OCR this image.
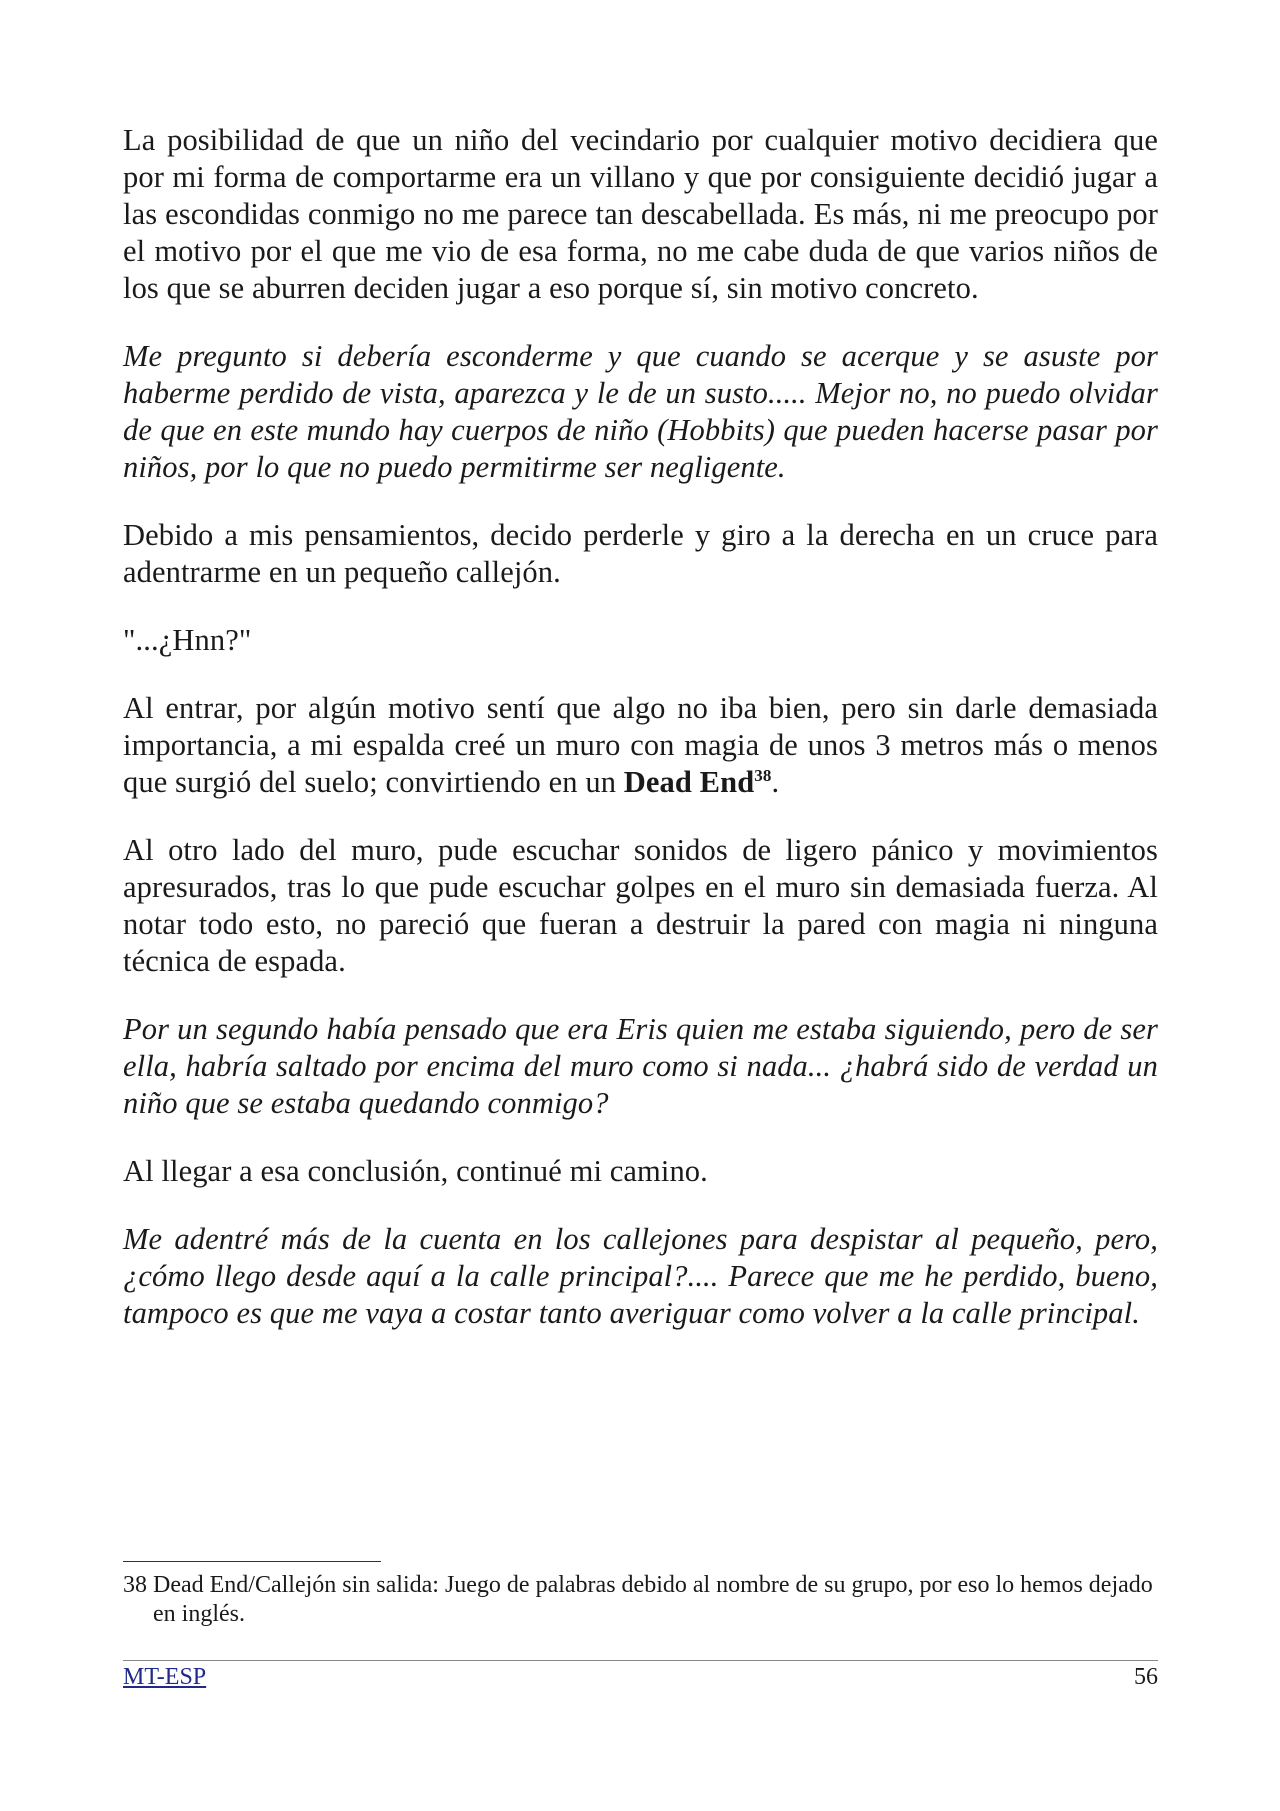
La posibilidad de que un niño del vecindario por cualquier motivo decidiera que por mi forma de comportarme era un villano y que por consiguiente decidió jugar a las escondidas conmigo no me parece tan descabellada. Es más, ni me preocupo por el motivo por el que me vio de esa forma, no me cabe duda de que varios niños de los que se aburren deciden jugar a eso porque sí, sin motivo concreto.

Me pregunto si debería esconderme y que cuando se acerque y se asuste por haberme perdido de vista, aparezca y le de un susto..... Mejor no, no puedo olvidar de que en este mundo hay cuerpos de niño (Hobbits) que pueden hacerse pasar por niños, por lo que no puedo permitirme ser negligente.

Debido a mis pensamientos, decido perderle y giro a la derecha en un cruce para adentrarme en un pequeño callejón.

"...¿Hnn?"

Al entrar, por algún motivo sentí que algo no iba bien, pero sin darle demasiada importancia, a mi espalda creé un muro con magia de unos 3 metros más o menos que surgió del suelo; convirtiendo en un Dead End$^{38}$.

Al otro lado del muro, pude escuchar sonidos de ligero pánico y movimientos apresurados, tras lo que pude escuchar golpes en el muro sin demasiada fuerza. Al notar todo esto, no pareció que fueran a destruir la pared con magia ni ninguna técnica de espada.

Por un segundo había pensado que era Eris quien me estaba siguiendo, pero de ser ella, habría saltado por encima del muro como si nada... ¿habrá sido de verdad un niño que se estaba quedando conmigo?

Al llegar a esa conclusión, continué mi camino.

Me adentré más de la cuenta en los callejones para despistar al pequeño, pero, ¿cómo llego desde aquí a la calle principal?.... Parece que me he perdido, bueno, tampoco es que me vaya a costar tanto averiguar como volver a la calle principal.

38 Dead End/Callejón sin salida: Juego de palabras debido al nombre de su grupo, por eso lo hemos dejado en inglés.
MT-ESP	56
